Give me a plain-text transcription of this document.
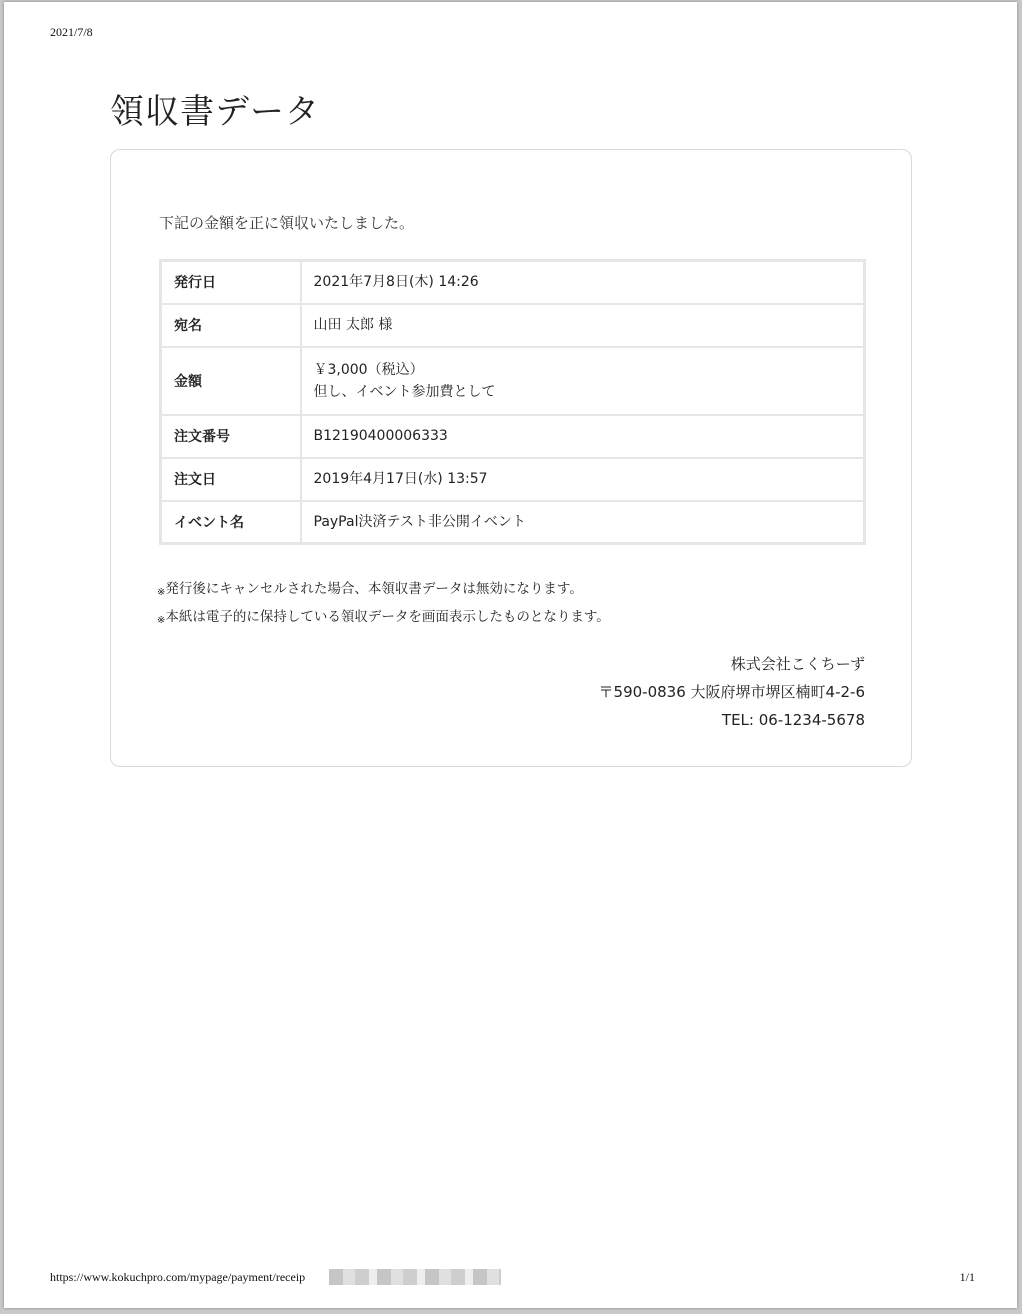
2021/7/8
領収書データ
下記の金額を正に領収いたしました。
発行日	2021年7月8日(木) 14:26
宛名	山田 太郎 様
金額	￥3,000（税込）
但し、イベント参加費として

注文番号	B12190400006333
注文日	2019年4月17日(水) 13:57
イベント名	PayPal決済テスト非公開イベント
※発行後にキャンセルされた場合、本領収書データは無効になります。
※本紙は電子的に保持している領収データを画面表示したものとなります。
株式会社こくちーず
〒590-0836 大阪府堺市堺区楠町4-2-6
TEL: 06-1234-5678
https://www.kokuchpro.com/mypage/payment/receip	1/1
